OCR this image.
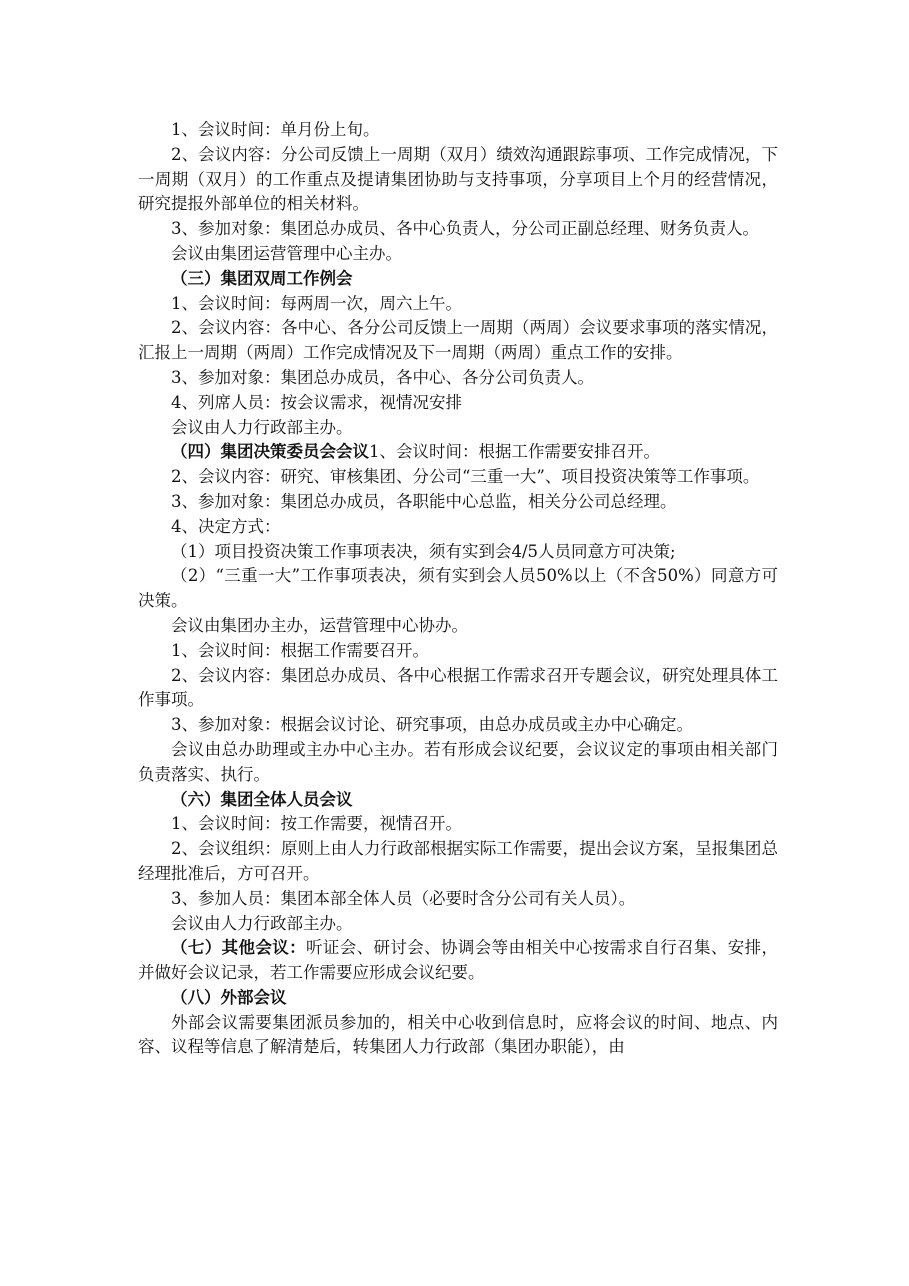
1、会议时间：单月份上旬。

2、会议内容：分公司反馈上一周期（双月）绩效沟通跟踪事项、工作完成情况，下一周期（双月）的工作重点及提请集团协助与支持事项，分享项目上个月的经营情况，研究提报外部单位的相关材料。

3、参加对象：集团总办成员、各中心负责人，分公司正副总经理、财务负责人。

会议由集团运营管理中心主办。

（三）集团双周工作例会

1、会议时间：每两周一次，周六上午。

2、会议内容：各中心、各分公司反馈上一周期（两周）会议要求事项的落实情况，汇报上一周期（两周）工作完成情况及下一周期（两周）重点工作的安排。

3、参加对象：集团总办成员，各中心、各分公司负责人。

4、列席人员：按会议需求，视情况安排

会议由人力行政部主办。

（四）集团决策委员会会议1、会议时间：根据工作需要安排召开。

2、会议内容：研究、审核集团、分公司“三重一大”、项目投资决策等工作事项。

3、参加对象：集团总办成员，各职能中心总监，相关分公司总经理。

4、决定方式：

（1）项目投资决策工作事项表决，须有实到会4/5人员同意方可决策;

（2）“三重一大”工作事项表决，须有实到会人员50%以上（不含50%）同意方可决策。

会议由集团办主办，运营管理中心协办。

1、会议时间：根据工作需要召开。

2、会议内容：集团总办成员、各中心根据工作需求召开专题会议，研究处理具体工作事项。

3、参加对象：根据会议讨论、研究事项，由总办成员或主办中心确定。

会议由总办助理或主办中心主办。若有形成会议纪要，会议议定的事项由相关部门负责落实、执行。

（六）集团全体人员会议

1、会议时间：按工作需要，视情召开。

2、会议组织：原则上由人力行政部根据实际工作需要，提出会议方案，呈报集团总经理批准后，方可召开。

3、参加人员：集团本部全体人员（必要时含分公司有关人员）。

会议由人力行政部主办。

（七）其他会议：听证会、研讨会、协调会等由相关中心按需求自行召集、安排，并做好会议记录，若工作需要应形成会议纪要。

（八）外部会议

外部会议需要集团派员参加的，相关中心收到信息时，应将会议的时间、地点、内容、议程等信息了解清楚后，转集团人力行政部（集团办职能），由
